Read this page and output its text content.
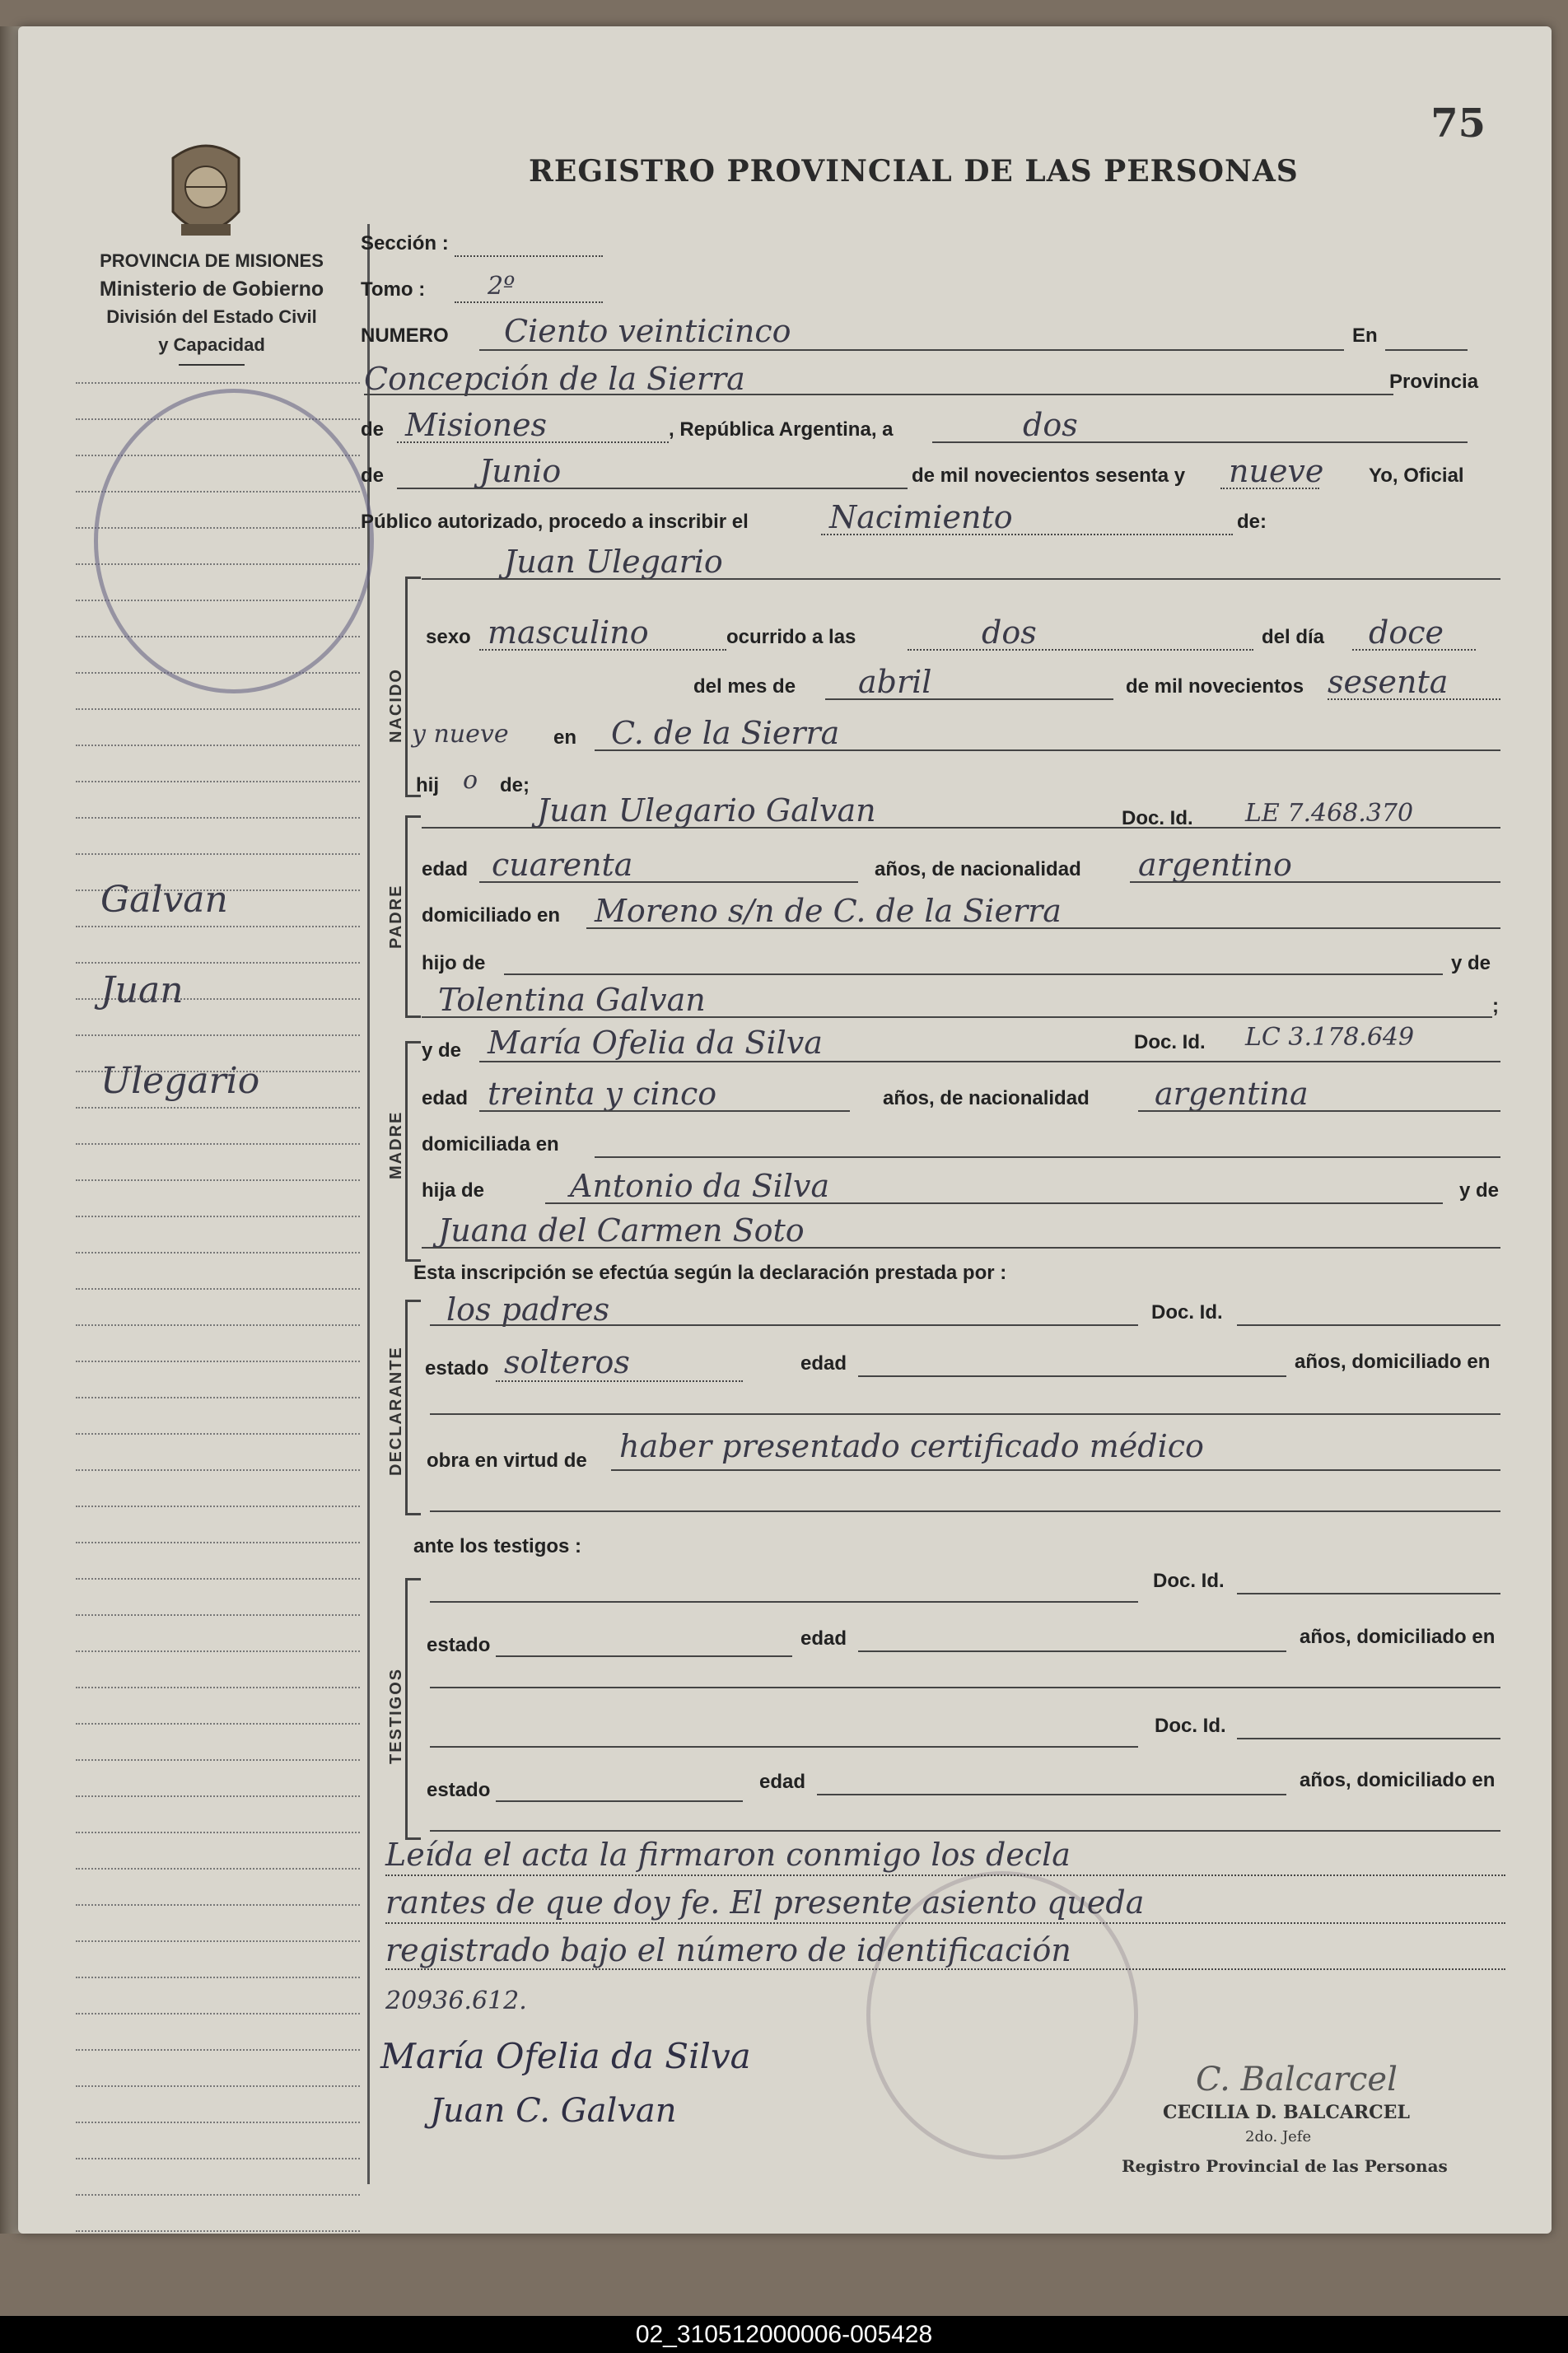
75
PROVINCIA DE MISIONES
Ministerio de Gobierno
División del Estado Civil
y Capacidad
REGISTRO PROVINCIAL DE LAS PERSONAS
Galvan
Juan
Ulegario
Sección :
Tomo :	2º
NUMERO Ciento veinticinco	En
Concepción de la Sierra	Provincia
de Misiones	, República Argentina, a	dos
de	Junio	de mil novecientos sesenta y nueve Yo, Oficial
Público autorizado, procedo a inscribir el	Nacimiento	de:
NACIDO
Juan Ulegario
sexo masculino	ocurrido a las	dos	del día doce
del mes de abril	de mil novecientos sesenta
y nueve en C. de la Sierra
hij o de;
PADRE
Juan Ulegario Galvan	Doc. Id. LE 7.468.370
edad cuarenta	años, de nacionalidad argentino
domiciliado en Moreno s/n de C. de la Sierra
hijo de	y de
Tolentina Galvan	;
MADRE
y de María Ofelia da Silva	Doc. Id. LC 3.178.649
edad treinta y cinco	años, de nacionalidad argentina
domiciliada en
hija de	Antonio da Silva	y de
Juana del Carmen Soto
Esta inscripción se efectúa según la declaración prestada por :
DECLARANTE
los padres	Doc. Id.
estado solteros	edad	años, domiciliado en
obra en virtud de haber presentado certificado médico
ante los testigos :
TESTIGOS
Doc. Id.
estado	edad	años, domiciliado en
Doc. Id.
estado	edad	años, domiciliado en
Leída el acta la firmaron conmigo los decla
rantes de que doy fe. El presente asiento queda
registrado bajo el número de identificación
20936.612.
María Ofelia da Silva
Juan C. Galvan
C. Balcarcel
CECILIA D. BALCARCEL
2do. Jefe
Registro Provincial de las Personas
02_310512000006-005428
